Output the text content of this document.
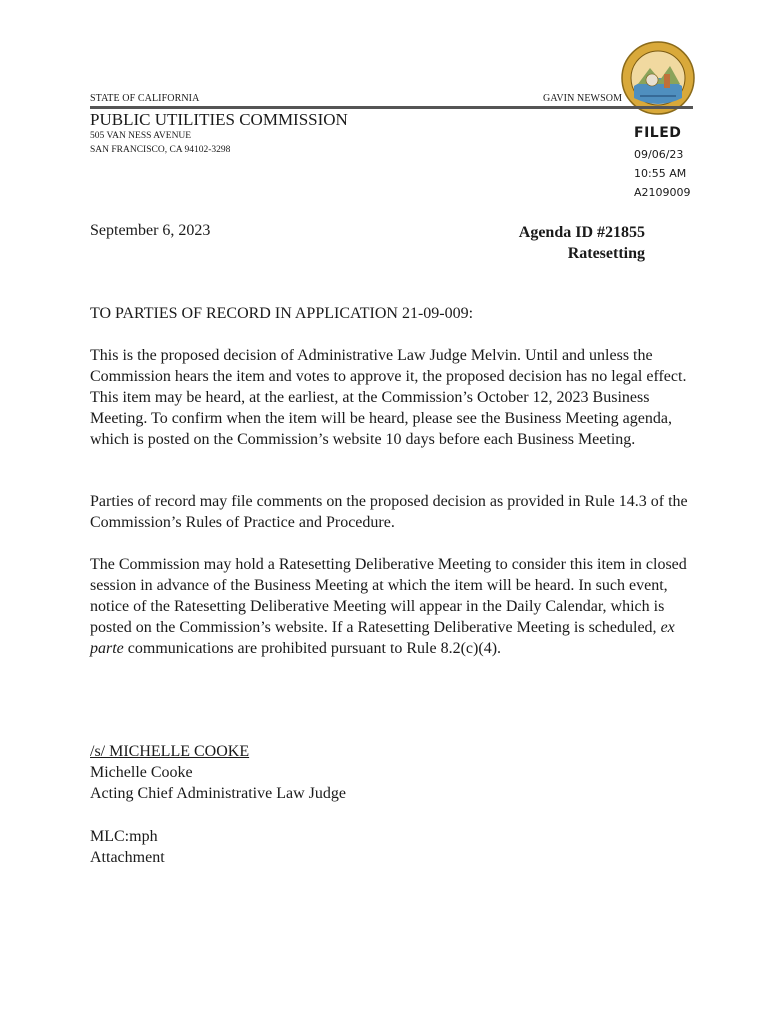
STATE OF CALIFORNIA	GAVIN NEWSOM
PUBLIC UTILITIES COMMISSION
505 VAN NESS AVENUE
SAN FRANCISCO, CA 94102-3298
FILED
09/06/23
10:55 AM
A2109009
September 6, 2023	Agenda ID #21855
Ratesetting
TO PARTIES OF RECORD IN APPLICATION 21-09-009:

This is the proposed decision of Administrative Law Judge Melvin. Until and unless the Commission hears the item and votes to approve it, the proposed decision has no legal effect. This item may be heard, at the earliest, at the Commission’s October 12, 2023 Business Meeting. To confirm when the item will be heard, please see the Business Meeting agenda, which is posted on the Commission’s website 10 days before each Business Meeting.

Parties of record may file comments on the proposed decision as provided in Rule 14.3 of the Commission’s Rules of Practice and Procedure.

The Commission may hold a Ratesetting Deliberative Meeting to consider this item in closed session in advance of the Business Meeting at which the item will be heard. In such event, notice of the Ratesetting Deliberative Meeting will appear in the Daily Calendar, which is posted on the Commission’s website. If a Ratesetting Deliberative Meeting is scheduled, ex parte communications are prohibited pursuant to Rule 8.2(c)(4).

/s/ MICHELLE COOKE
Michelle Cooke
Acting Chief Administrative Law Judge
MLC:mph
Attachment
